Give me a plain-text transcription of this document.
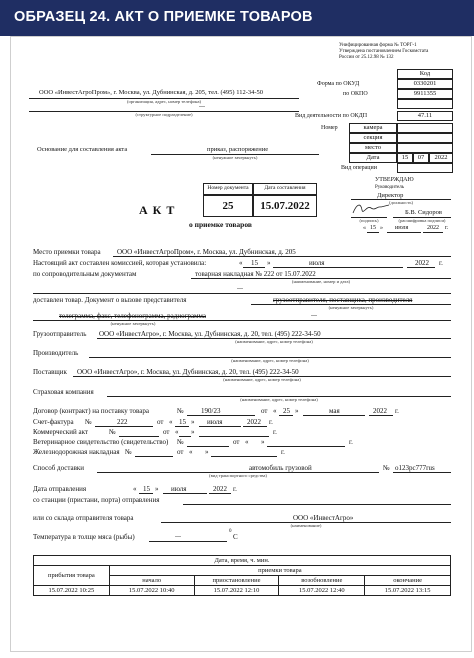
ОБРАЗЕЦ 24. АКТ О ПРИЕМКЕ ТОВАРОВ
Унифицированная форма № ТОРГ-1
Утверждена постановлением Госкомстата
России от 25.12.98 № 132
Код
Форма по ОКУД	0330201
по ОКПО	9911355
Вид деятельности по ОКДП	47.11
Номер	камера
секция
место
Дата	15	07	2022
Вид операции
ООО «ИнвестАгроПром», г. Москва, ул. Дубнинская, д. 205, тел. (495) 112-34-50
(организация, адрес, номер телефона)
---
(структурное подразделение)
Основание для составления акта	приказ, распоряжение
(ненужное зачеркнуть)
Номер документа	Дата составления
А К Т	25	15.07.2022
о приемке товаров
УТВЕРЖДАЮ
Руководитель
Директор
(должность)
Б.В. Сидоров
(подпись)	(расшифровка подписи)
« 15 » июля	2022 г.
Место приемки товара ООО «ИнвестАгроПром», г. Москва, ул. Дубнинская, д. 205
Настоящий акт составлен комиссией, которая установила:	« 15 »	июля	2022 г.
по сопроводительным документам	товарная накладная № 222 от 15.07.2022
(наименование, номер и дата)
---
доставлен товар. Документ о вызове представителя	грузоотправителя, поставщика, производителя
(ненужное зачеркнуть)
телеграмма, факс, телефонограмма, радиограмма	---
(ненужное зачеркнуть)
Грузоотправитель ООО «ИнвестАгро», г. Москва, ул. Дубнинская, д. 20, тел. (495) 222-34-50
(наименование, адрес, номер телефона)
Производитель
(наименование, адрес, номер телефона)
Поставщик ООО «ИнвестАгро», г. Москва, ул. Дубнинская, д. 20, тел. (495) 222-34-50
(наименование, адрес, номер телефона)
Страховая компания
(наименование, адрес, номер телефона)
Договор (контракт) на поставку товара	№ 190/23	от « 25 »	мая	2022 г.
Счет-фактура №	222	от « 15 » июля	2022 г.
Коммерческий акт	№	от « »	г.
Ветеринарное свидетельство (свидетельство) №	от « »	г.
Железнодорожная накладная №	от « »	г.
Способ доставки	автомобиль грузовой
(вид транспортного средства)
№ о123рс777rus
Дата отправления	« 15 » июля	2022 г.
со станции (пристани, порта) отправления
или со склада отправителя товара	ООО «ИнвестАгро»
(наименование)
Температура в толще мяса (рыбы)	---
0
С
Дата, время, ч. мин.				
прибытия товара	приемки товара			
	начало	приостановление	возобновление	окончание
15.07.2022 10:25	15.07.2022 10:40	15.07.2022 12:10	15.07.2022 12:40	15.07.2022 13:15
